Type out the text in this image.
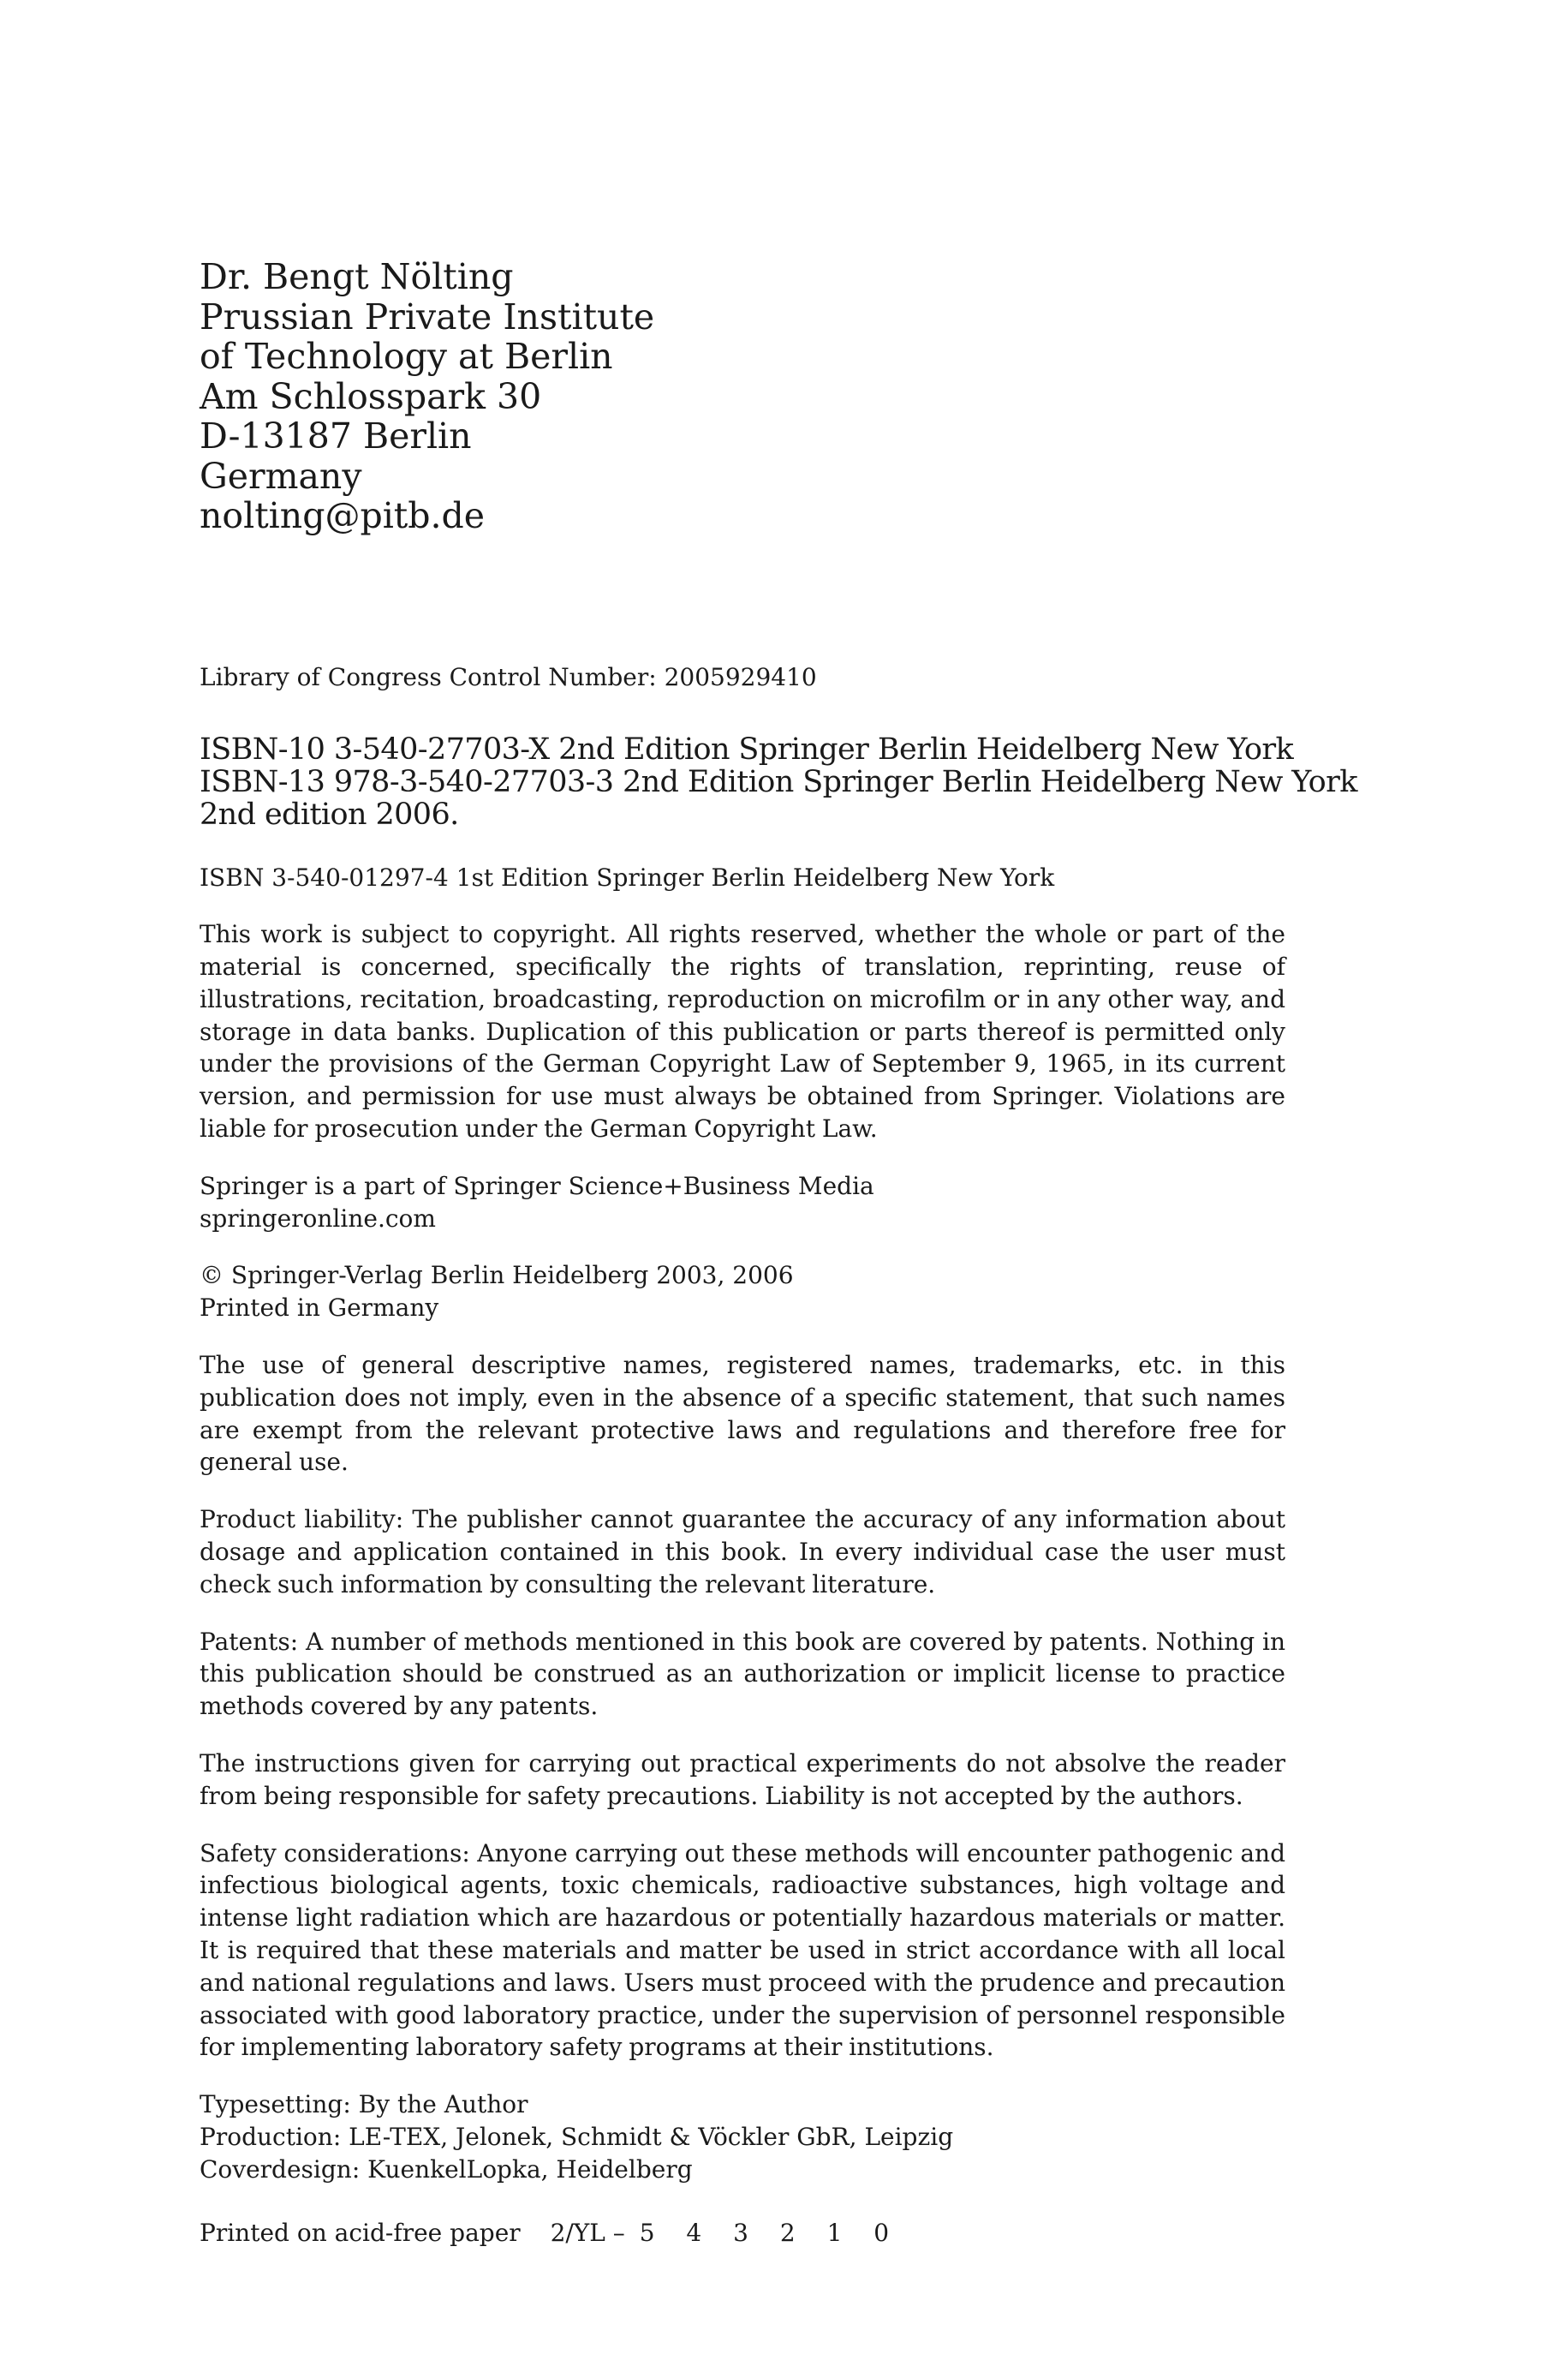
Dr. Bengt Nölting
Prussian Private Institute
of Technology at Berlin
Am Schlosspark 30
D-13187 Berlin
Germany
nolting@pitb.de
Library of Congress Control Number: 2005929410
ISBN-10 3-540-27703-X 2nd Edition Springer Berlin Heidelberg New York
ISBN-13 978-3-540-27703-3 2nd Edition Springer Berlin Heidelberg New York
2nd edition 2006.
ISBN 3-540-01297-4 1st Edition Springer Berlin Heidelberg New York
This work is subject to copyright. All rights reserved, whether the whole or part of the material is concerned, specifically the rights of translation, reprinting, reuse of illustrations, recitation, broadcasting, reproduction on microfilm or in any other way, and storage in data banks. Duplication of this publication or parts thereof is permitted only under the provisions of the German Copyright Law of September 9, 1965, in its current version, and permission for use must always be obtained from Springer. Violations are liable for prosecution under the German Copyright Law.
Springer is a part of Springer Science+Business Media
springeronline.com
© Springer-Verlag Berlin Heidelberg 2003, 2006
Printed in Germany
The use of general descriptive names, registered names, trademarks, etc. in this publication does not imply, even in the absence of a specific statement, that such names are exempt from the relevant protective laws and regulations and therefore free for general use.
Product liability: The publisher cannot guarantee the accuracy of any information about dosage and application contained in this book. In every individual case the user must check such information by consulting the relevant literature.
Patents: A number of methods mentioned in this book are covered by patents. Nothing in this publication should be construed as an authorization or implicit license to practice methods covered by any patents.
The instructions given for carrying out practical experiments do not absolve the reader from being responsible for safety precautions. Liability is not accepted by the authors.
Safety considerations: Anyone carrying out these methods will encounter pathogenic and infectious biological agents, toxic chemicals, radioactive substances, high voltage and intense light radiation which are hazardous or potentially hazardous materials or matter. It is required that these materials and matter be used in strict accordance with all local and national regulations and laws. Users must proceed with the prudence and precaution associated with good laboratory practice, under the supervision of personnel responsible for implementing laboratory safety programs at their institutions.
Typesetting: By the Author
Production: LE-TEX, Jelonek, Schmidt & Vöckler GbR, Leipzig
Coverdesign: KuenkelLopka, Heidelberg
Printed on acid-free paper 2/YL – 5 4 3 2 1 0
